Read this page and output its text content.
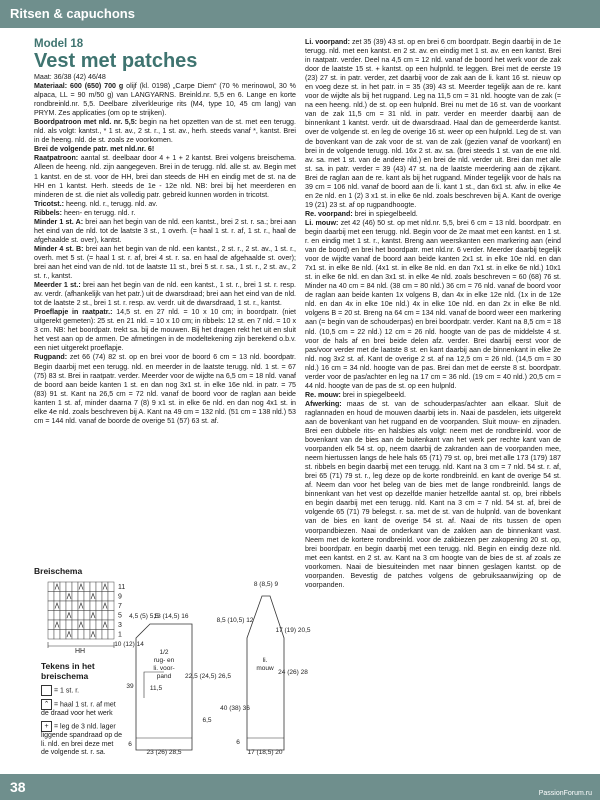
Ritsen & capuchons
Model 18
Vest met patches

Maat: 36/38 (42) 46/48

Materiaal: 600 (650) 700 g olijf (kl. 0198) „Carpe Diem“ (70 % merinowol, 30 % alpaca, LL = 90 m/50 g) van LANGYARNS. Breinld.nr. 5,5 en 6. Lange en korte rondbreinld.nr. 5,5. Deelbare zilverkleurige rits (M4, type 10, 45 cm lang) van PRYM. Zes applicaties (om op te strijken).

Boordpatroon met nld. nr. 5,5: begin na het opzetten van de st. met een terugg. nld. als volgt: kantst., * 1 st. av., 2 st. r., 1 st. av., herh. steeds vanaf *, kantst. Brei in de heeng. nld. de st. zoals ze voorkomen.

Brei de volgende patr. met nld.nr. 6!

Raatpatroon: aantal st. deelbaar door 4 + 1 + 2 kantst. Brei volgens breischema. Alleen de heeng. nld. zijn aangegeven. Brei in de terugg. nld. alle st. av. Begin met 1 kantst. en de st. voor de HH, brei dan steeds de HH en eindig met de st. na de HH en 1 kantst. Herh. steeds de 1e - 12e nld. NB: brei bij het meerderen en minderen de st. die niet als volledig patr. gebreid kunnen worden in tricotst.

Tricotst.: heeng. nld. r., terugg. nld. av.

Ribbels: heen- en terugg. nld. r.

Minder 1 st. A: brei aan het begin van de nld. een kantst., brei 2 st. r. sa.; brei aan het eind van de nld. tot de laatste 3 st., 1 overh. (= haal 1 st. r. af, 1 st. r., haal de afgehaalde st. over), kantst.

Minder 4 st. B: brei aan het begin van de nld. een kantst., 2 st. r., 2 st. av., 1 st. r., overh. met 5 st. (= haal 1 st. r. af, brei 4 st. r. sa. en haal de afgehaalde st. over); brei aan het eind van de nld. tot de laatste 11 st., brei 5 st. r. sa., 1 st. r., 2 st. av., 2 st. r., kantst.

Meerder 1 st.: brei aan het begin van de nld. een kantst., 1 st. r., brei 1 st. r. resp. av. verdr. (afhankelijk van het patr.) uit de dwarsdraad; brei aan het eind van de nld. tot de laatste 2 st., brei 1 st. r. resp. av. verdr. uit de dwarsdraad, 1 st. r., kantst.

Proeflapje in raatpatr.: 14,5 st. en 27 nld. = 10 x 10 cm; in boordpatr. (niet uitgerekt gemeten): 25 st. en 21 nld. = 10 x 10 cm; in ribbels: 12 st. en 7 nld. = 10 x 3 cm. NB: het boordpatr. trekt sa. bij de mouwen. Bij het dragen rekt het uit en sluit het vest aan op de armen. De afmetingen in de modeltekening zijn berekend o.b.v. een niet uitgerekt proeflapje.

Rugpand: zet 66 (74) 82 st. op en brei voor de boord 6 cm = 13 nld. boordpatr. Begin daarbij met een terugg. nld. en meerder in de laatste terugg. nld. 1 st. = 67 (75) 83 st. Brei in raatpatr. verder. Meerder voor de wijdte na 6,5 cm = 18 nld. vanaf de boord aan beide kanten 1 st. en dan nog 3x1 st. in elke 16e nld. in patr. = 75 (83) 91 st. Kant na 26,5 cm = 72 nld. vanaf de boord voor de raglan aan beide kanten 1 st. af, minder daarna 7 (8) 9 x1 st. in elke 6e nld. en dan nog 4x1 st. in elke 4e nld. zoals beschreven bij A. Kant na 49 cm = 132 nld. (51 cm = 138 nld.) 53 cm = 144 nld. vanaf de boorde de overige 51 (57) 63 st. af.

Li. voorpand: zet 35 (39) 43 st. op en brei 6 cm boordpatr. Begin daarbij in de 1e terugg. nld. met een kantst. en 2 st. av. en eindig met 1 st. av. en een kantst. Brei in raatpatr. verder. Deel na 4,5 cm = 12 nld. vanaf de boord het werk voor de zak door de laatste 15 st. + kantst. op een hulpnld. te leggen. Brei met de eerste 19 (23) 27 st. in patr. verder, zet daarbij voor de zak aan de li. kant 16 st. nieuw op en voeg deze st. in het patr. in = 35 (39) 43 st. Meerder tegelijk aan de re. kant voor de wijdte als bij het rugpand. Leg na 11,5 cm = 31 nld. hoogte van de zak (= na een heeng. nld.) de st. op een hulpnld. Brei nu met de 16 st. van de voorkant van de zak 11,5 cm = 31 nld. in patr. verder en meerder daarbij aan de binnenkant 1 kantst. verdr. uit de dwarsdraad. Haal dan de gemeerderde kantst. over de volgende st. en leg de overige 16 st. weer op een hulpnld. Leg de st. van de bovenkant van de zak voor de st. van de zak (gezien vanaf de voorkant) en brei in de volgende terugg. nld. 16x 2 st. av. sa. (brei steeds 1 st. van de ene nld. av. sa. met 1 st. van de andere nld.) en brei de nld. verder uit. Brei dan met alle st. sa. in patr. verder = 39 (43) 47 st. na de laatste meerdering aan de zijkant. Brei de raglan aan de re. kant als bij het rugpand. Minder tegelijk voor de hals na 39 cm = 106 nld. vanaf de boord aan de li. kant 1 st., dan 6x1 st. afw. in elke 4e en 2e nld. en 1 (2) 3 x1 st. in elke 6e nld. zoals beschreven bij A. Kant de overige 19 (21) 23 st. af op rugpandhoogte.

Re. voorpand: brei in spiegelbeeld.

Li. mouw: zet 42 (46) 50 st. op met nld.nr. 5,5, brei 6 cm = 13 nld. boordpatr. en begin daarbij met een terugg. nld. Begin voor de 2e maat met een kantst. en 1 st. r. en eindig met 1 st. r., kantst. Breng aan weerskanten een markering aan (eind van de boord) en brei het boordpatr. met nld.nr. 6 verder. Meerder daarbij tegelijk voor de wijdte vanaf de boord aan beide kanten 2x1 st. in elke 10e nld. en dan 7x1 st. in elke 8e nld. (4x1 st. in elke 8e nld. en dan 7x1 st. in elke 6e nld.) 10x1 st. in elke 6e nld. en dan 3x1 st. in elke 4e nld. zoals beschreven = 60 (68) 76 st. Minder na 40 cm = 84 nld. (38 cm = 80 nld.) 36 cm = 76 nld. vanaf de boord voor de raglan aan beide kanten 1x volgens B, dan 4x in elke 12e nld. (1x in de 12e nld. en dan 4x in elke 10e nld.) 4x in elke 10e nld. en dan 2x in elke 8e nld. volgens B = 20 st. Breng na 64 cm = 134 nld. vanaf de boord weer een markering aan (= begin van de schouderpas) en brei boordpatr. verder. Kant na 8,5 cm = 18 nld. (10,5 cm = 22 nld.) 12 cm = 26 nld. hoogte van de pas de middelste 4 st. voor de hals af en brei beide delen afz. verder. Brei daarbij eerst voor de pas/voor verder met de laatste 8 st. en kant daarbij aan de binnenkant in elke 2e nld. nog 3x2 st. af. Kant de overige 2 st. af na 12,5 cm = 26 nld. (14,5 cm = 30 nld.) 16 cm = 34 nld. hoogte van de pas. Brei dan met de eerste 8 st. boordpatr. verder voor de pas/achter en leg na 17 cm = 36 nld. (19 cm = 40 nld.) 20,5 cm = 44 nld. hoogte van de pas de st. op een hulpnld.

Re. mouw: brei in spiegelbeeld.

Afwerking: maas de st. van de schouderpas/achter aan elkaar. Sluit de raglannaden en houd de mouwen daarbij iets in. Naai de pasdelen, iets uitgerekt aan de bovenkant van het rugpand en de voorpanden. Sluit mouw- en zijnaden. Brei een dubbele rits- en halsbies als volgt: neem met de rondbreinld. voor de bovenkant van de bies aan de buitenkant van het werk per rechte kant van de voorpanden elk 54 st. op, neem daarbij de zakranden aan de voorpanden mee, neem hiertussen langs de hele hals 65 (71) 79 st. op, brei met alle 173 (179) 187 st. ribbels en begin daarbij met een terugg. nld. Kant na 3 cm = 7 nld. 54 st. r. af, brei 65 (71) 79 st. r., leg deze op de korte rondbreinld. en kant de overige 54 st. af. Neem dan voor het beleg van de bies met de lange rondbreinld. langs de binnenkant van het vest op dezelfde manier hetzelfde aantal st. op, brei ribbels en begin daarbij met een terugg. nld. Kant na 3 cm = 7 nld. 54 st. af, brei de volgende 65 (71) 79 belegst. r. sa. met de st. van de hulpnld. van de bovenkant van de bies en kant de overige 54 st. af. Naai de rits tussen de open voorpandbiezen. Naai de onderkant van de zakken aan de binnenkant vast. Neem met de kortere rondbreinld. voor de zakbiezen per zakopening 20 st. op, brei boordpatr. en begin daarbij met een terugg. nld. Begin en eindig deze nld. met een kantst. en 2 st. av. Kant na 3 cm hoogte van de bies de st. af zoals ze voorkomen. Naai de biesuiteinden met naar binnen geslagen kantst. op de voorpanden. Bevestig de patches volgens de gebruiksaanwijzing op de voorpanden.

Breischema
11
9
7
5
3
1
HH
Tekens in het breischema
= 1 st. r.
⌃ = haal 1 st. r. af met de draad voor het werk
+ = leg de 3 nld. lager liggende spandraad op de li. nld. en brei deze met de volgende st. r. sa.
1/2
rug- en
li. voor-
pand
23 (26) 28,5
39
22,5 (24,5) 26,5
11,5
13 (14,5) 16
4,5 (5) 5,5
10 (12) 14
6,5
6
li.
mouw
8 (8,5) 9
8,5 (10,5) 12
17 (19) 20,5
24 (26) 28
40 (38) 36
17 (18,5) 20
6
38	PassionForum.ru
